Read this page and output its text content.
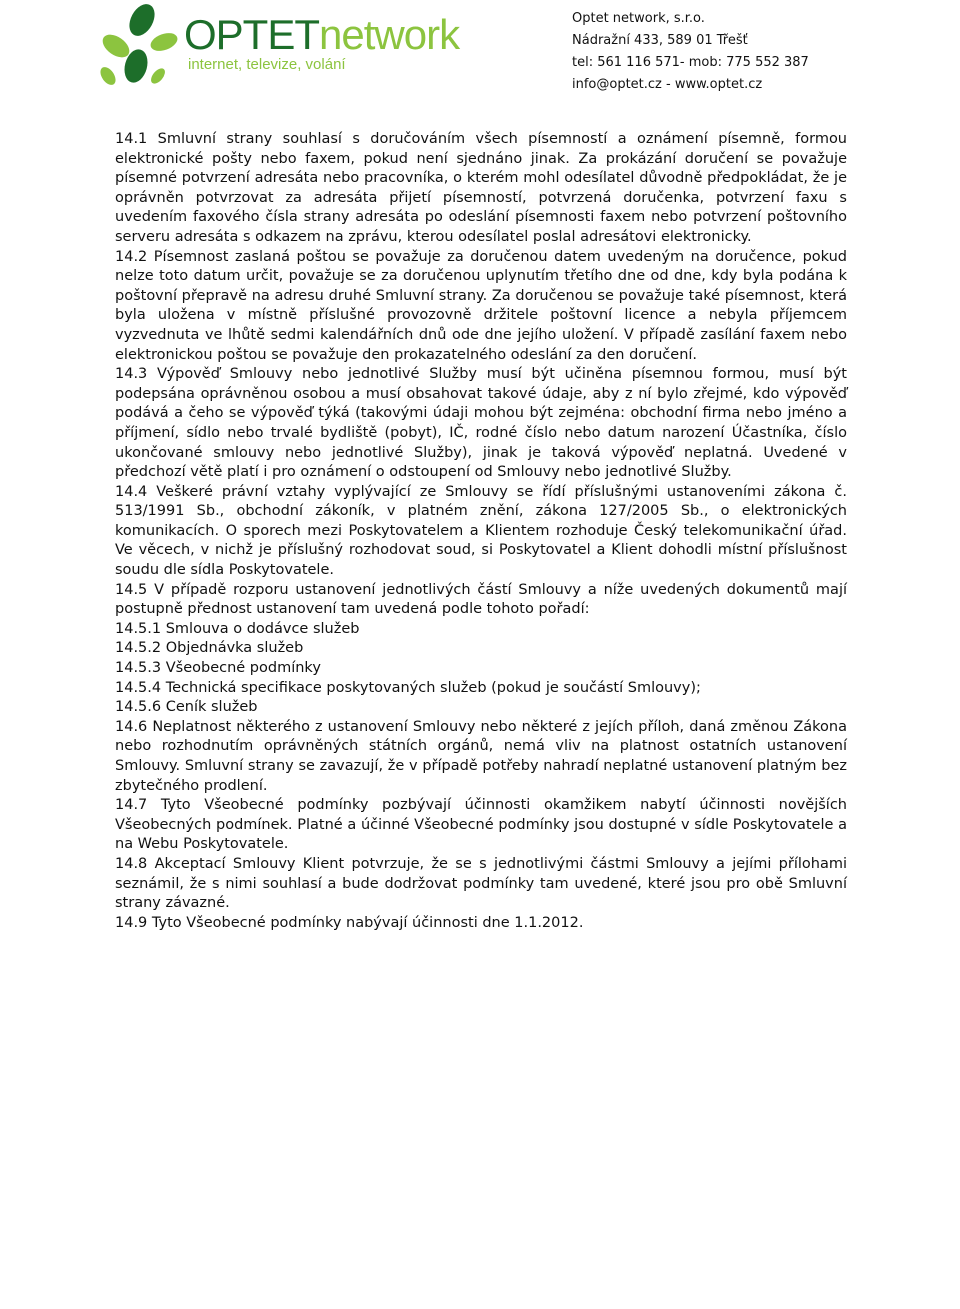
OPTETnetwork
internet, televize, volání
Optet network, s.r.o.
Nádražní 433, 589 01 Třešť
tel: 561 116 571- mob: 775 552 387
info@optet.cz - www.optet.cz

14.1 Smluvní strany souhlasí s doručováním všech písemností a oznámení písemně, formou elektronické pošty nebo faxem, pokud není sjednáno jinak. Za prokázání doručení se považuje písemné potvrzení adresáta nebo pracovníka, o kterém mohl odesílatel důvodně předpokládat, že je oprávněn potvrzovat za adresáta přijetí písemností, potvrzená doručenka, potvrzení faxu s uvedením faxového čísla strany adresáta po odeslání písemnosti faxem nebo potvrzení poštovního serveru adresáta s odkazem na zprávu, kterou odesílatel poslal adresátovi elektronicky.

14.2 Písemnost zaslaná poštou se považuje za doručenou datem uvedeným na doručence, pokud nelze toto datum určit, považuje se za doručenou uplynutím třetího dne od dne, kdy byla podána k poštovní přepravě na adresu druhé Smluvní strany. Za doručenou se považuje také písemnost, která byla uložena v místně příslušné provozovně držitele poštovní licence a nebyla příjemcem vyzvednuta ve lhůtě sedmi kalendářních dnů ode dne jejího uložení. V případě zasílání faxem nebo elektronickou poštou se považuje den prokazatelného odeslání za den doručení.

14.3 Výpověď Smlouvy nebo jednotlivé Služby musí být učiněna písemnou formou, musí být podepsána oprávněnou osobou a musí obsahovat takové údaje, aby z ní bylo zřejmé, kdo výpověď podává a čeho se výpověď týká (takovými údaji mohou být zejména: obchodní firma nebo jméno a příjmení, sídlo nebo trvalé bydliště (pobyt), IČ, rodné číslo nebo datum narození Účastníka, číslo ukončované smlouvy nebo jednotlivé Služby), jinak je taková výpověď neplatná. Uvedené v předchozí větě platí i pro oznámení o odstoupení od Smlouvy nebo jednotlivé Služby.

14.4 Veškeré právní vztahy vyplývající ze Smlouvy se řídí příslušnými ustanoveními zákona č. 513/1991 Sb., obchodní zákoník, v platném znění, zákona 127/2005 Sb., o elektronických komunikacích. O sporech mezi Poskytovatelem a Klientem rozhoduje Český telekomunikační úřad. Ve věcech, v nichž je příslušný rozhodovat soud, si Poskytovatel a Klient dohodli místní příslušnost soudu dle sídla Poskytovatele.

14.5 V případě rozporu ustanovení jednotlivých částí Smlouvy a níže uvedených dokumentů mají postupně přednost ustanovení tam uvedená podle tohoto pořadí:

14.5.1 Smlouva o dodávce služeb

14.5.2 Objednávka služeb

14.5.3 Všeobecné podmínky

14.5.4 Technická specifikace poskytovaných služeb (pokud je součástí Smlouvy);

14.5.6 Ceník služeb

14.6 Neplatnost některého z ustanovení Smlouvy nebo některé z jejích příloh, daná změnou Zákona nebo rozhodnutím oprávněných státních orgánů, nemá vliv na platnost ostatních ustanovení Smlouvy. Smluvní strany se zavazují, že v případě potřeby nahradí neplatné ustanovení platným bez zbytečného prodlení.

14.7 Tyto Všeobecné podmínky pozbývají účinnosti okamžikem nabytí účinnosti novějších Všeobecných podmínek. Platné a účinné Všeobecné podmínky jsou dostupné v sídle Poskytovatele a na Webu Poskytovatele.

14.8 Akceptací Smlouvy Klient potvrzuje, že se s jednotlivými částmi Smlouvy a jejími přílohami seznámil, že s nimi souhlasí a bude dodržovat podmínky tam uvedené, které jsou pro obě Smluvní strany závazné.

14.9 Tyto Všeobecné podmínky nabývají účinnosti dne 1.1.2012.
